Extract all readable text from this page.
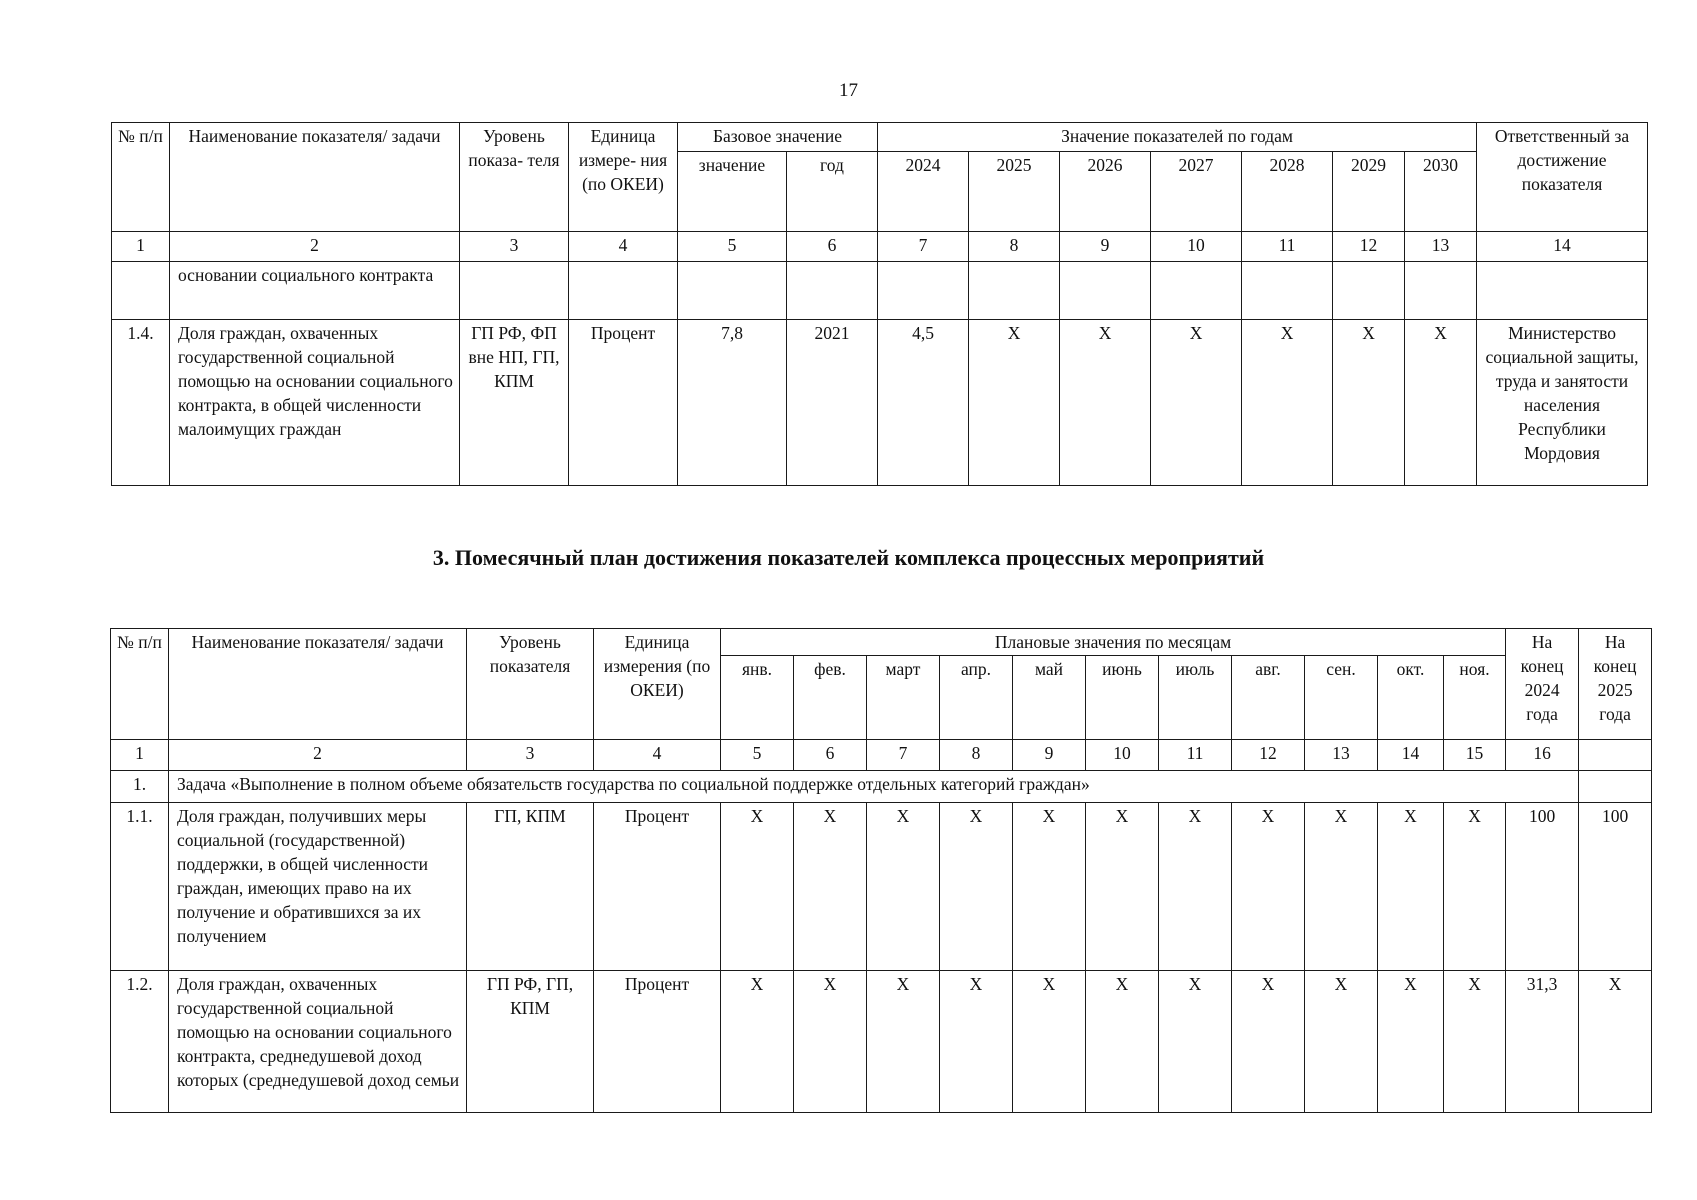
17
№ п/п	Наименование показателя/ задачи	Уровень показа- теля	Единица измере- ния (по ОКЕИ)	Базовое значение		Значение показателей по годам							Ответственный за достижение показателя
				значение	год	2024	2025	2026	2027	2028	2029	2030	
1	2	3	4	5	6	7	8	9	10	11	12	13	14
	основании социального контракта												
1.4.	Доля граждан, охваченных государственной социальной помощью на основании социального контракта, в общей численности малоимущих граждан	ГП РФ, ФП вне НП, ГП, КПМ	Процент	7,8	2021	4,5	X	X	X	X	X	X	Министерство социальной защиты, труда и занятости населения Республики Мордовия
3. Помесячный план достижения показателей комплекса процессных мероприятий
№ п/п	Наименование показателя/ задачи	Уровень показателя	Единица измерения (по ОКЕИ)	Плановые значения по месяцам											На конец 2024 года	На конец 2025 года
				янв.	фев.	март	апр.	май	июнь	июль	авг.	сен.	окт.	ноя.		
1	2	3	4	5	6	7	8	9	10	11	12	13	14	15	16	
1.	Задача «Выполнение в полном объеме обязательств государства по социальной поддержке отдельных категорий граждан»															
1.1.	Доля граждан, получивших меры социальной (государственной) поддержки, в общей численности граждан, имеющих право на их получение и обратившихся за их получением	ГП, КПМ	Процент	X	X	X	X	X	X	X	X	X	X	X	100	100
1.2.	Доля граждан, охваченных государственной социальной помощью на основании социального контракта, среднедушевой доход которых (среднедушевой доход семьи	ГП РФ, ГП, КПМ	Процент	X	X	X	X	X	X	X	X	X	X	X	31,3	X
